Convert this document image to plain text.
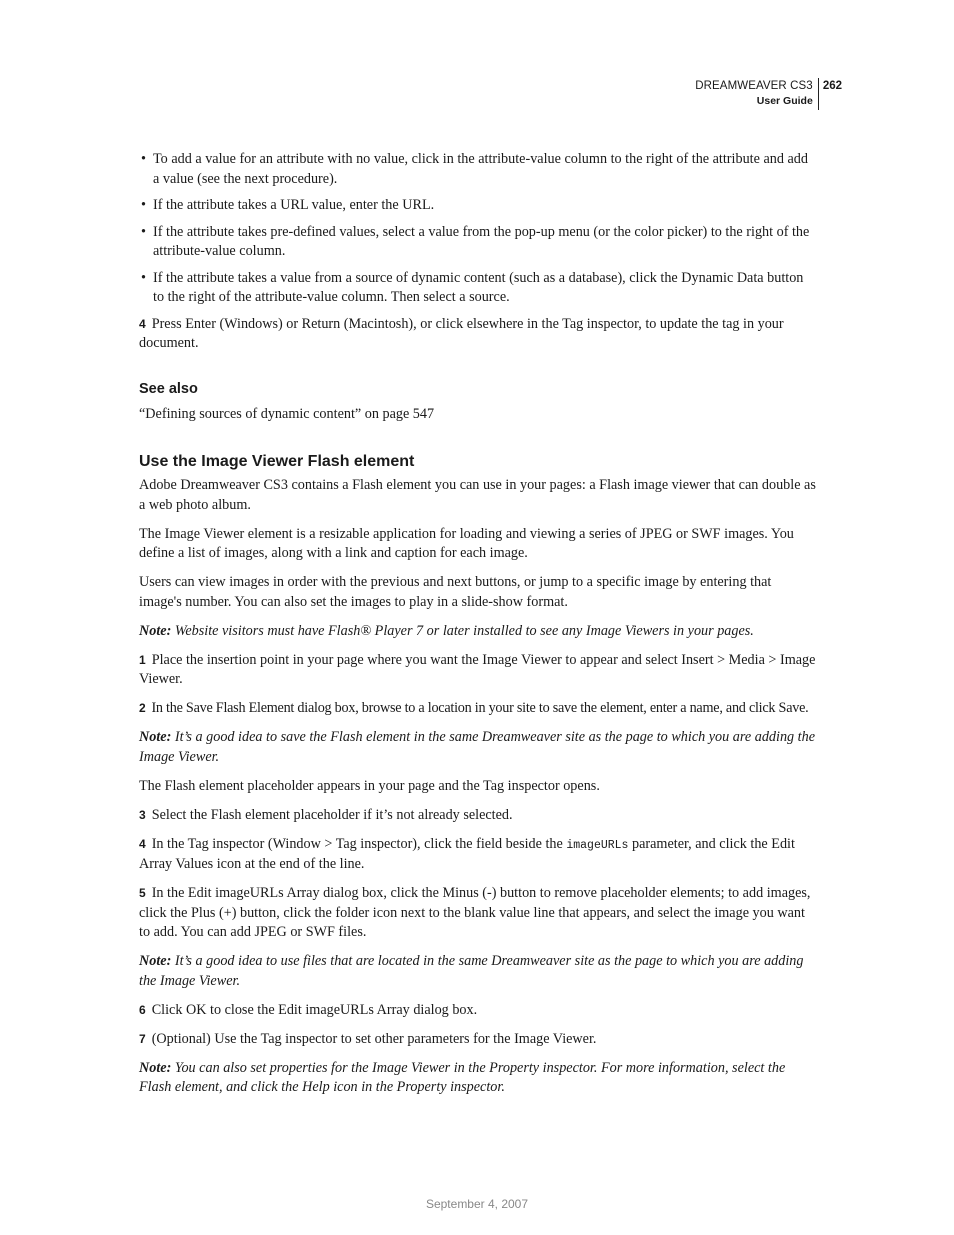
DREAMWEAVER CS3
User Guide
262
• To add a value for an attribute with no value, click in the attribute-value column to the right of the attribute and add a value (see the next procedure).
• If the attribute takes a URL value, enter the URL.
• If the attribute takes pre-defined values, select a value from the pop-up menu (or the color picker) to the right of the attribute-value column.
• If the attribute takes a value from a source of dynamic content (such as a database), click the Dynamic Data button to the right of the attribute-value column. Then select a source.

4 Press Enter (Windows) or Return (Macintosh), or click elsewhere in the Tag inspector, to update the tag in your document.

See also

“Defining sources of dynamic content” on page 547

Use the Image Viewer Flash element

Adobe Dreamweaver CS3 contains a Flash element you can use in your pages: a Flash image viewer that can double as a web photo album.

The Image Viewer element is a resizable application for loading and viewing a series of JPEG or SWF images. You define a list of images, along with a link and caption for each image.

Users can view images in order with the previous and next buttons, or jump to a specific image by entering that image's number. You can also set the images to play in a slide-show format.

Note: Website visitors must have Flash® Player 7 or later installed to see any Image Viewers in your pages.

1 Place the insertion point in your page where you want the Image Viewer to appear and select Insert > Media > Image Viewer.

2 In the Save Flash Element dialog box, browse to a location in your site to save the element, enter a name, and click Save.

Note: It’s a good idea to save the Flash element in the same Dreamweaver site as the page to which you are adding the Image Viewer.

The Flash element placeholder appears in your page and the Tag inspector opens.

3 Select the Flash element placeholder if it’s not already selected.

4 In the Tag inspector (Window > Tag inspector), click the field beside the imageURLs parameter, and click the Edit Array Values icon at the end of the line.

5 In the Edit imageURLs Array dialog box, click the Minus (-) button to remove placeholder elements; to add images, click the Plus (+) button, click the folder icon next to the blank value line that appears, and select the image you want to add. You can add JPEG or SWF files.

Note: It’s a good idea to use files that are located in the same Dreamweaver site as the page to which you are adding the Image Viewer.

6 Click OK to close the Edit imageURLs Array dialog box.

7 (Optional) Use the Tag inspector to set other parameters for the Image Viewer.

Note: You can also set properties for the Image Viewer in the Property inspector. For more information, select the Flash element, and click the Help icon in the Property inspector.

September 4, 2007
